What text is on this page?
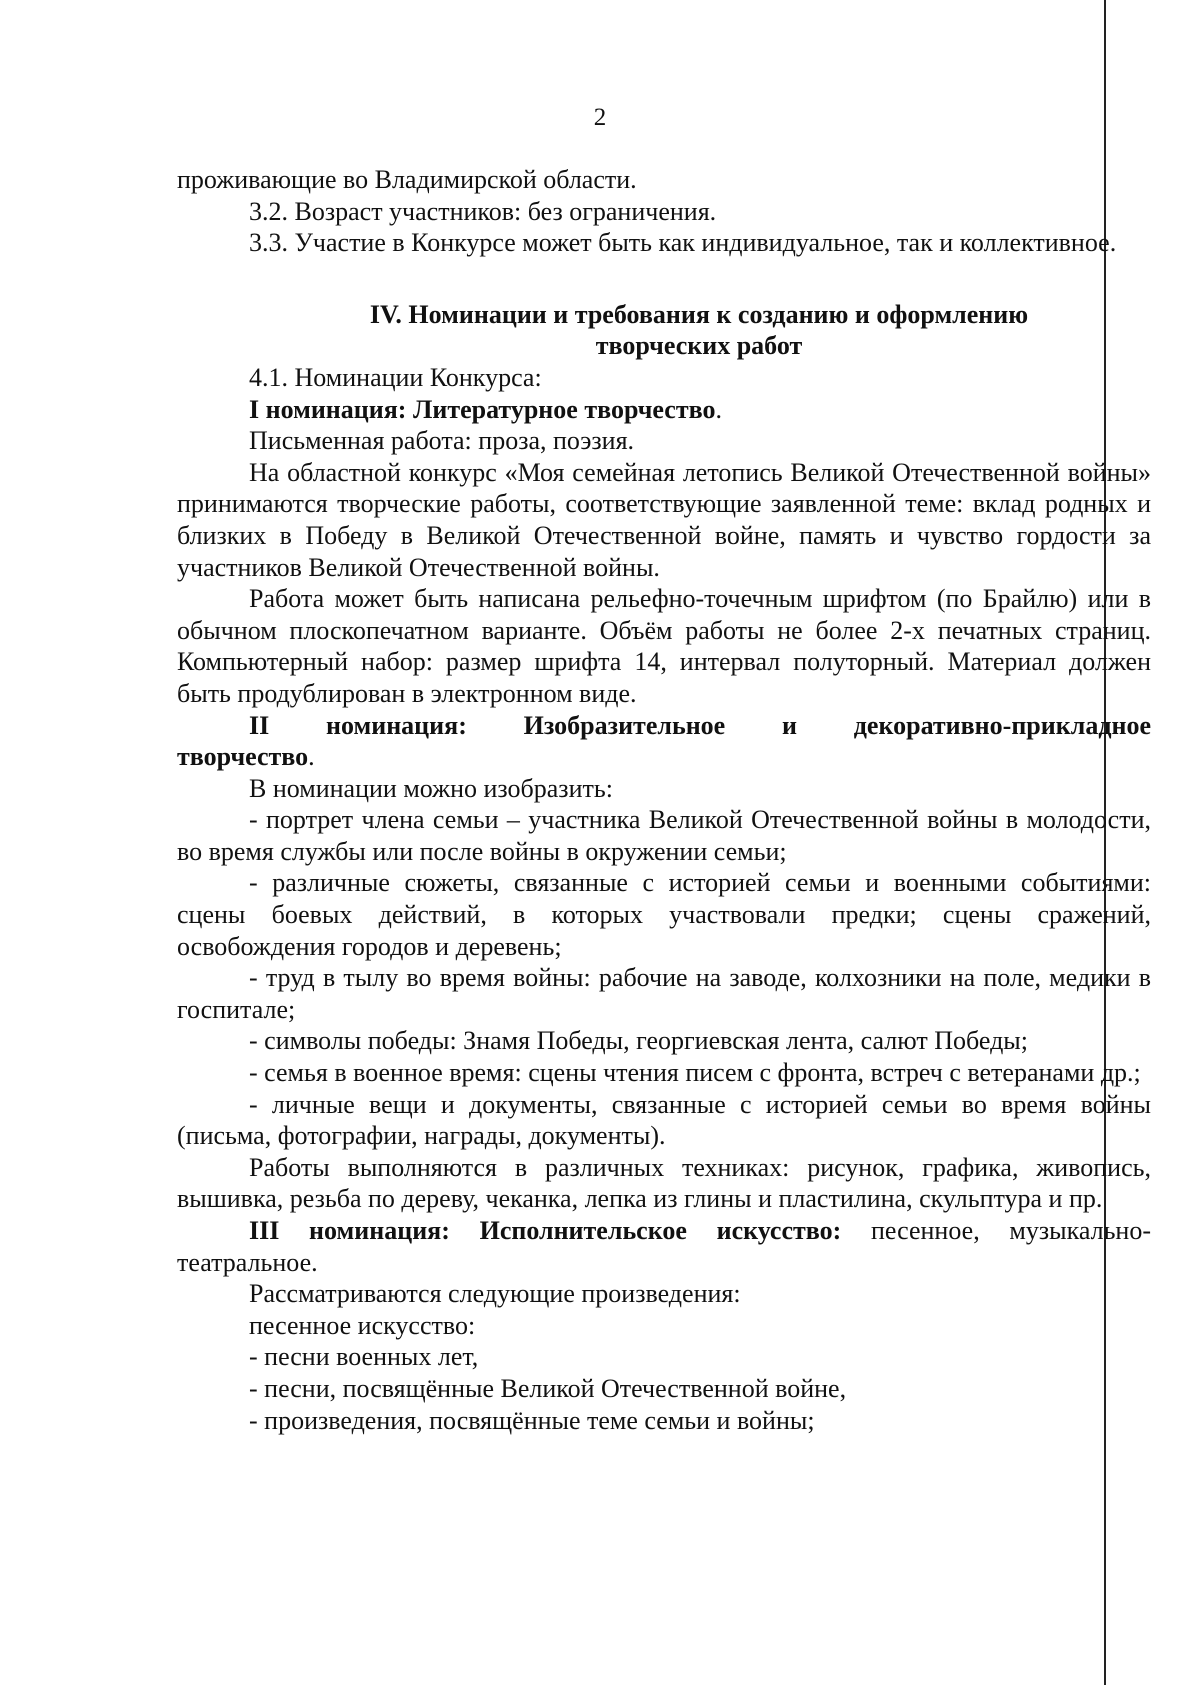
2

проживающие во Владимирской области.

3.2. Возраст участников: без ограничения.

3.3. Участие в Конкурсе может быть как индивидуальное, так и коллективное.

IV. Номинации и требования к созданию и оформлению
творческих работ

4.1. Номинации Конкурса:

I номинация: Литературное творчество.

Письменная работа: проза, поэзия.

На областной конкурс «Моя семейная летопись Великой Отечественной войны» принимаются творческие работы, соответствующие заявленной теме: вклад родных и близких в Победу в Великой Отечественной войне, память и чувство гордости за участников Великой Отечественной войны.

Работа может быть написана рельефно-точечным шрифтом (по Брайлю) или в обычном плоскопечатном варианте. Объём работы не более 2-х печатных страниц. Компьютерный набор: размер шрифта 14, интервал полуторный. Материал должен быть продублирован в электронном виде.

II номинация: Изобразительное и декоративно-прикладное

творчество.

В номинации можно изобразить:

- портрет члена семьи – участника Великой Отечественной войны в молодости, во время службы или после войны в окружении семьи;

- различные сюжеты, связанные с историей семьи и военными событиями: сцены боевых действий, в которых участвовали предки; сцены сражений, освобождения городов и деревень;

- труд в тылу во время войны: рабочие на заводе, колхозники на поле, медики в госпитале;

- символы победы: Знамя Победы, георгиевская лента, салют Победы;

- семья в военное время: сцены чтения писем с фронта, встреч с ветеранами др.;

- личные вещи и документы, связанные с историей семьи во время войны (письма, фотографии, награды, документы).

Работы выполняются в различных техниках: рисунок, графика, живопись, вышивка, резьба по дереву, чеканка, лепка из глины и пластилина, скульптура и пр.

III номинация: Исполнительское искусство: песенное, музыкально-театральное.

Рассматриваются следующие произведения:

песенное искусство:

- песни военных лет,

- песни, посвящённые Великой Отечественной войне,

- произведения, посвящённые теме семьи и войны;
